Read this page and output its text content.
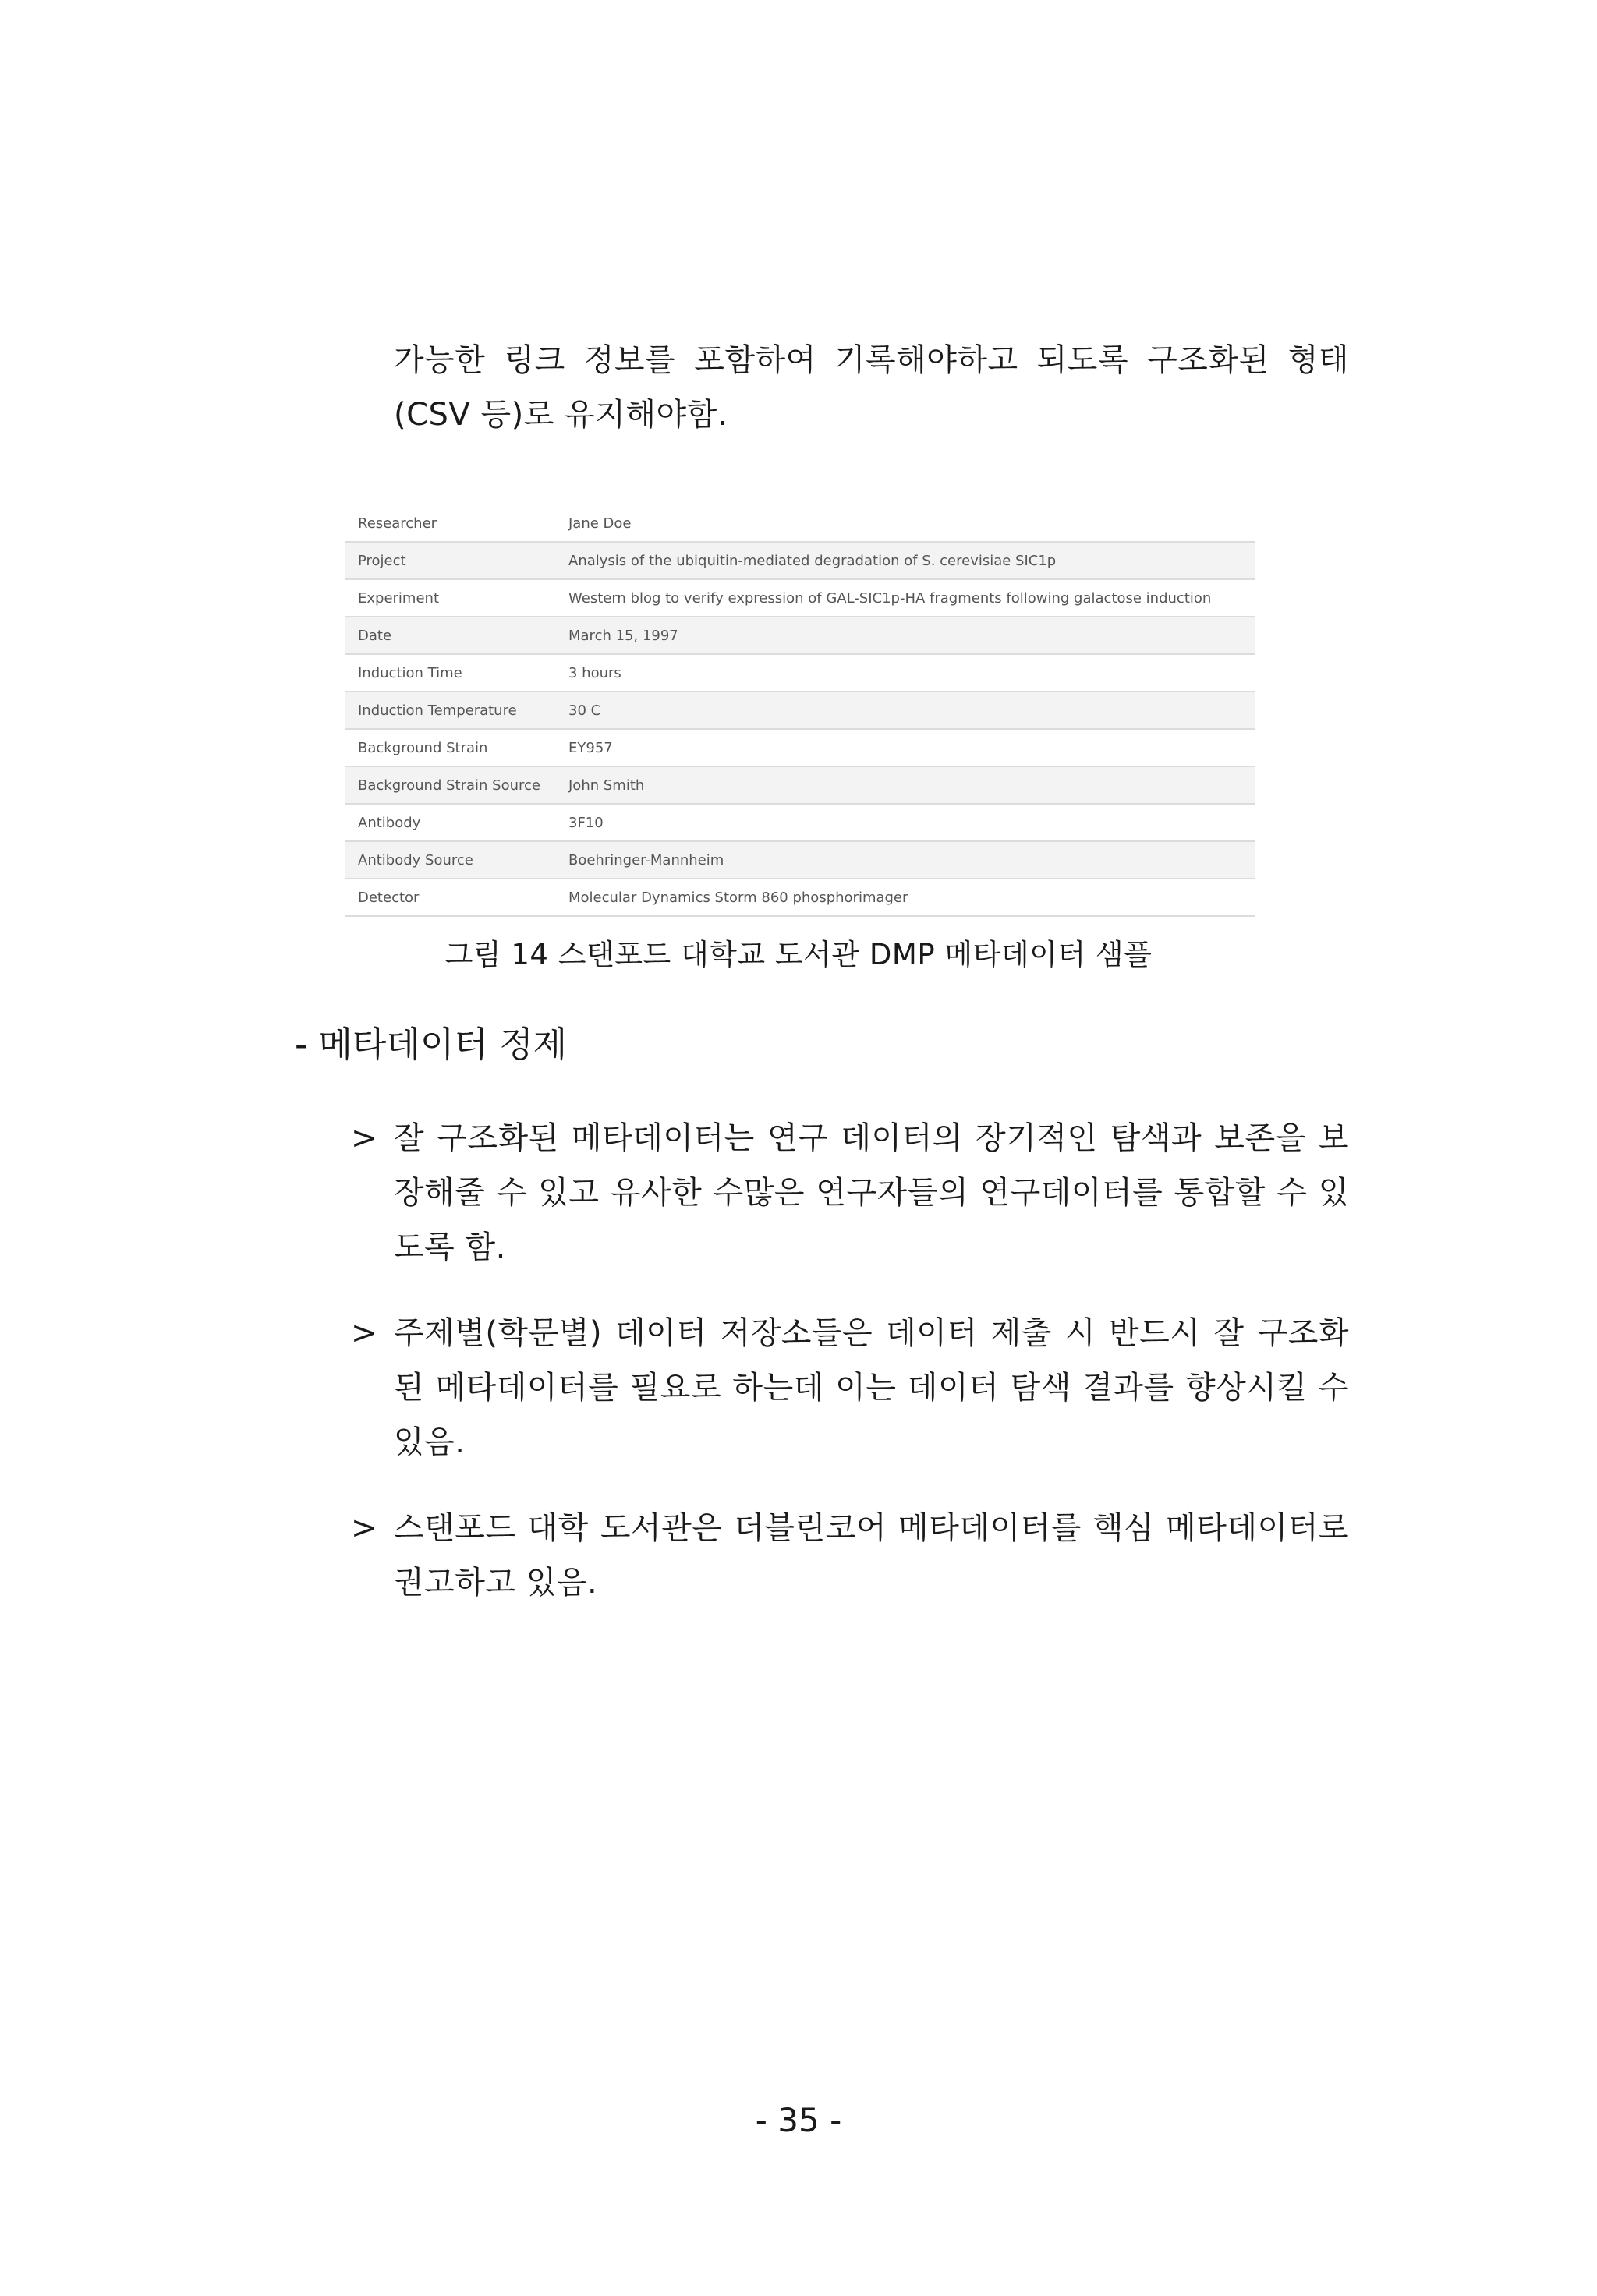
가능한 링크 정보를 포함하여 기록해야하고 되도록 구조화된 형태 (CSV 등)로 유지해야함.

Researcher	Jane Doe
Project	Analysis of the ubiquitin-mediated degradation of S. cerevisiae SIC1p
Experiment	Western blog to verify expression of GAL-SIC1p-HA fragments following galactose induction
Date	March 15, 1997
Induction Time	3 hours
Induction Temperature	30 C
Background Strain	EY957
Background Strain Source	John Smith
Antibody	3F10
Antibody Source	Boehringer-Mannheim
Detector	Molecular Dynamics Storm 860 phosphorimager
그림 14 스탠포드 대학교 도서관 DMP 메타데이터 샘플
- 메타데이터 정제
> 잘 구조화된 메타데이터는 연구 데이터의 장기적인 탐색과 보존을 보장해줄 수 있고 유사한 수많은 연구자들의 연구데이터를 통합할 수 있도록 함.

> 주제별(학문별) 데이터 저장소들은 데이터 제출 시 반드시 잘 구조화된 메타데이터를 필요로 하는데 이는 데이터 탐색 결과를 향상시킬 수 있음.

> 스탠포드 대학 도서관은 더블린코어 메타데이터를 핵심 메타데이터로 권고하고 있음.

- 35 -
